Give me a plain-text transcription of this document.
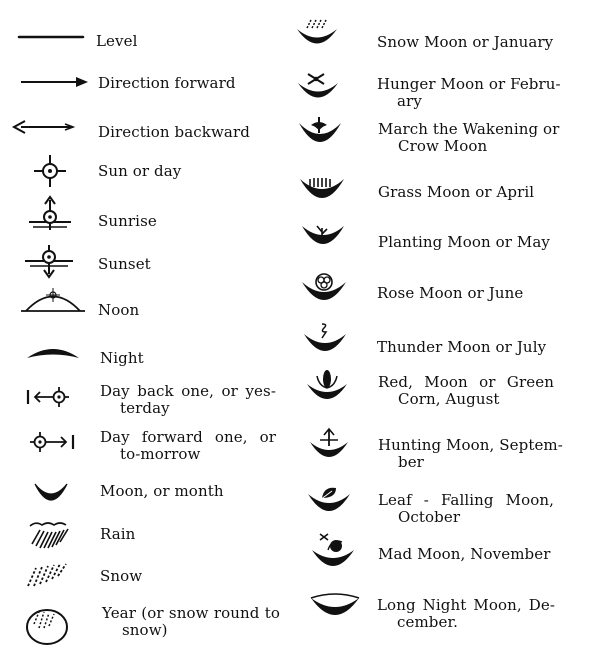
Level
Direction forward
Direction backward
Sun or day
Sunrise
Sunset
Noon
Night
Day back one, or yes-
terday
Day forward one, or
to-morrow
Moon, or month
Rain
Snow
Year (or snow round to
snow)
Snow Moon or January
Hunger Moon or Febru-
ary
March the Wakening or
Crow Moon
Grass Moon or April
Planting Moon or May
Rose Moon or June
Thunder Moon or July
Red, Moon or Green
Corn, August
Hunting Moon, Septem-
ber
Leaf - Falling Moon,
October
Mad Moon, November
Long Night Moon, De-
cember.
